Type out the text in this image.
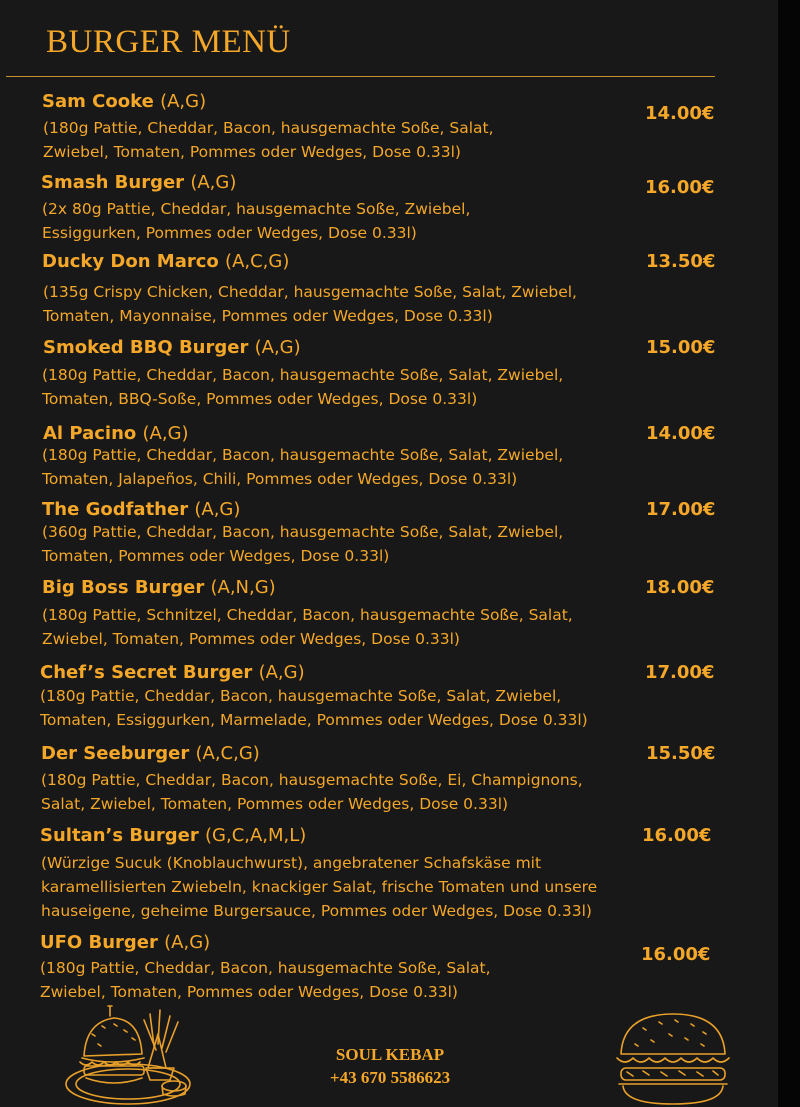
BURGER MENÜ
Sam Cooke (A,G)
(180g Pattie, Cheddar, Bacon, hausgemachte Soße, Salat,
Zwiebel, Tomaten, Pommes oder Wedges, Dose 0.33l)
14.00€
Smash Burger (A,G)
(2x 80g Pattie, Cheddar, hausgemachte Soße, Zwiebel,
Essiggurken, Pommes oder Wedges, Dose 0.33l)
16.00€
Ducky Don Marco (A,C,G)
(135g Crispy Chicken, Cheddar, hausgemachte Soße, Salat, Zwiebel,
Tomaten, Mayonnaise, Pommes oder Wedges, Dose 0.33l)
13.50€
Smoked BBQ Burger (A,G)
(180g Pattie, Cheddar, Bacon, hausgemachte Soße, Salat, Zwiebel,
Tomaten, BBQ-Soße, Pommes oder Wedges, Dose 0.33l)
15.00€
Al Pacino (A,G)
(180g Pattie, Cheddar, Bacon, hausgemachte Soße, Salat, Zwiebel,
Tomaten, Jalapeños, Chili, Pommes oder Wedges, Dose 0.33l)
14.00€
The Godfather (A,G)
(360g Pattie, Cheddar, Bacon, hausgemachte Soße, Salat, Zwiebel,
Tomaten, Pommes oder Wedges, Dose 0.33l)
17.00€
Big Boss Burger (A,N,G)
(180g Pattie, Schnitzel, Cheddar, Bacon, hausgemachte Soße, Salat,
Zwiebel, Tomaten, Pommes oder Wedges, Dose 0.33l)
18.00€
Chef’s Secret Burger (A,G)
(180g Pattie, Cheddar, Bacon, hausgemachte Soße, Salat, Zwiebel,
Tomaten, Essiggurken, Marmelade, Pommes oder Wedges, Dose 0.33l)
17.00€
Der Seeburger (A,C,G)
(180g Pattie, Cheddar, Bacon, hausgemachte Soße, Ei, Champignons,
Salat, Zwiebel, Tomaten, Pommes oder Wedges, Dose 0.33l)
15.50€
Sultan’s Burger (G,C,A,M,L)
(Würzige Sucuk (Knoblauchwurst), angebratener Schafskäse mit
karamellisierten Zwiebeln, knackiger Salat, frische Tomaten und unsere
hauseigene, geheime Burgersauce, Pommes oder Wedges, Dose 0.33l)
16.00€
UFO Burger (A,G)
(180g Pattie, Cheddar, Bacon, hausgemachte Soße, Salat,
Zwiebel, Tomaten, Pommes oder Wedges, Dose 0.33l)
16.00€
SOUL KEBAP
+43 670 5586623
